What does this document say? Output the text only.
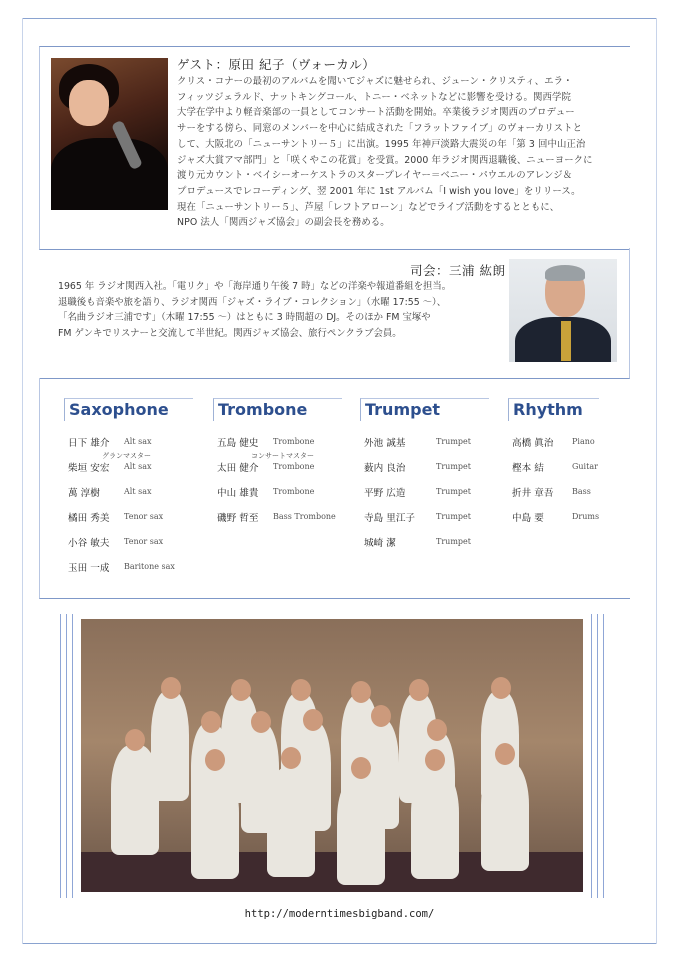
ゲスト：原田 紀子（ヴォーカル）
クリス・コナーの最初のアルバムを聞いてジャズに魅せられ、ジューン・クリスティ、エラ・
フィッツジェラルド、ナットキングコール、トニー・ベネットなどに影響を受ける。関西学院
大学在学中より軽音楽部の一員としてコンサート活動を開始。卒業後ラジオ関西のプロデュー
サーをする傍ら、同窓のメンバーを中心に結成された「フラットファイブ」のヴォーカリストと
して、大阪北の「ニューサントリー５」に出演。1995 年神戸淡路大震災の年「第 3 回中山正治
ジャズ大賞アマ部門」と「咲くやこの花賞」を受賞。2000 年ラジオ関西退職後、ニューヨークに
渡り元カウント・ベイシーオーケストラのスタープレイヤー＝ベニー・パウエルのアレンジ＆
プロデュースでレコーディング、翌 2001 年に 1st アルバム「I wish you love」をリリース。
現在「ニューサントリー５」、芦屋「レフトアローン」などでライブ活動をするとともに、
NPO 法人「関西ジャズ協会」の副会長を務める。
司会：三浦 紘朗
1965 年 ラジオ関西入社。「電リク」や「海岸通り午後 7 時」などの洋楽や報道番組を担当。
退職後も音楽や旅を語り、ラジオ関西「ジャズ・ライブ・コレクション」（水曜 17:55 ～）、
「名曲ラジオ三浦です」（木曜 17:55 ～）はともに 3 時間超の DJ。そのほか FM 宝塚や
FM ゲンキでリスナーと交流して半世紀。関西ジャズ協会、旅行ペンクラブ会員。
Saxophone
日下 雄介 Alt sax
グランマスター
柴垣 安宏 Alt sax
萬 淳樹	Alt sax
橘田 秀美 Tenor sax
小谷 敏夫 Tenor sax
玉田 一成 Baritone sax
Trombone
五島 健史 Trombone
コンサートマスター
太田 健介 Trombone
中山 雄貴 Trombone
磯野 哲至 Bass Trombone
Trumpet
外池 誠基	Trumpet
薮内 良治	Trumpet
平野 広造	Trumpet
寺島 里江子	Trumpet
城崎 潔	Trumpet
Rhythm
高橋 眞治 Piano
樫本 結	Guitar
折井 章吾 Bass
中島 要	Drums
http://moderntimesbigband.com/
